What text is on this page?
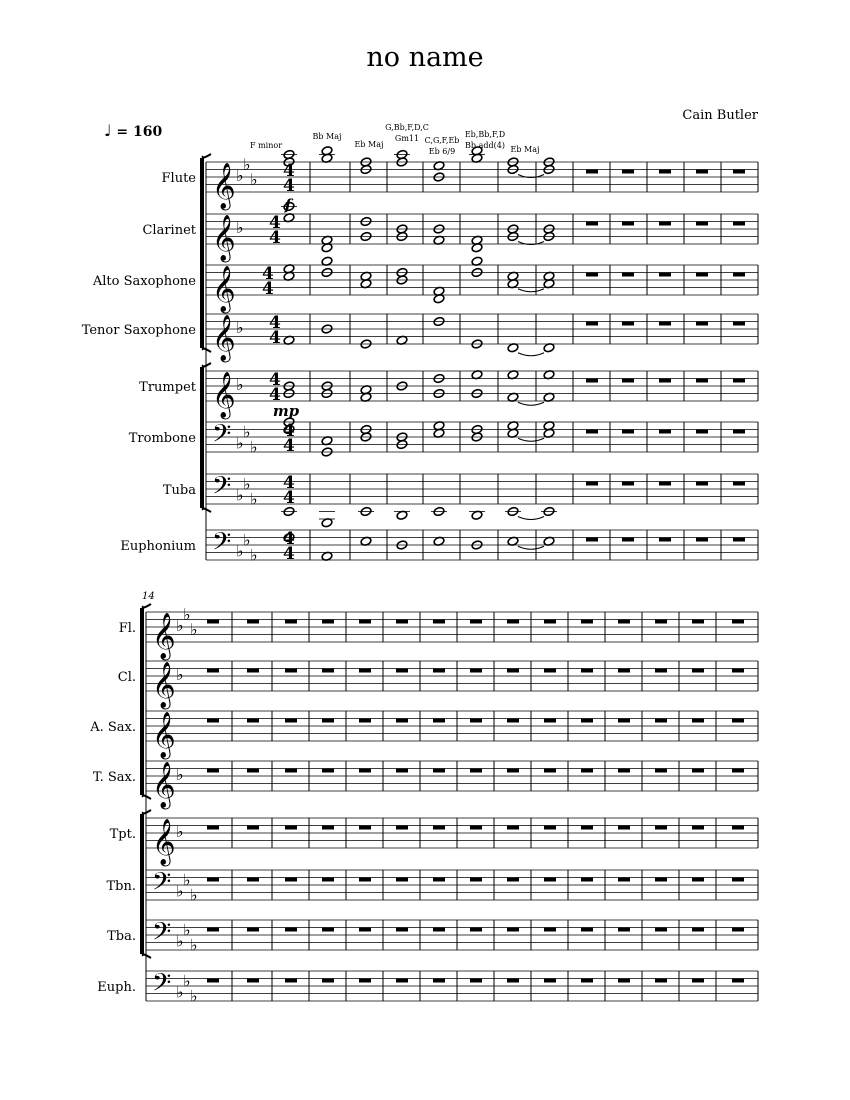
no name
Cain Butler
♩ = 160
Flute 𝄞 ♭
♭
♭ 4
4
Clarinet 𝄞 ♭ 4
4
Alto Saxophone 𝄞 4
4
Tenor Saxophone 𝄞 ♭ 4
4
Trumpet 𝄞 ♭ 4
4
Trombone 𝄢 ♭
♭
♭
4
4
Tuba 𝄢 ♭
♭
♭
4
4
Euphonium 𝄢 ♭
♭
♭
4
4
F minor
Bb Maj
Eb Maj
G,Bb,F,D,C
Gm11 C,G,F,Eb
Eb 6/9
Eb,Bb,F,D
Bb add(4) Eb Maj
f
mp
14
Fl. 𝄞 ♭
♭
♭
Cl. 𝄞 ♭
A. Sax. 𝄞
T. Sax. 𝄞 ♭
Tpt. 𝄞 ♭
Tbn. 𝄢 ♭
♭
♭
Tba. 𝄢 ♭
♭
♭
Euph. 𝄢 ♭
♭
♭
